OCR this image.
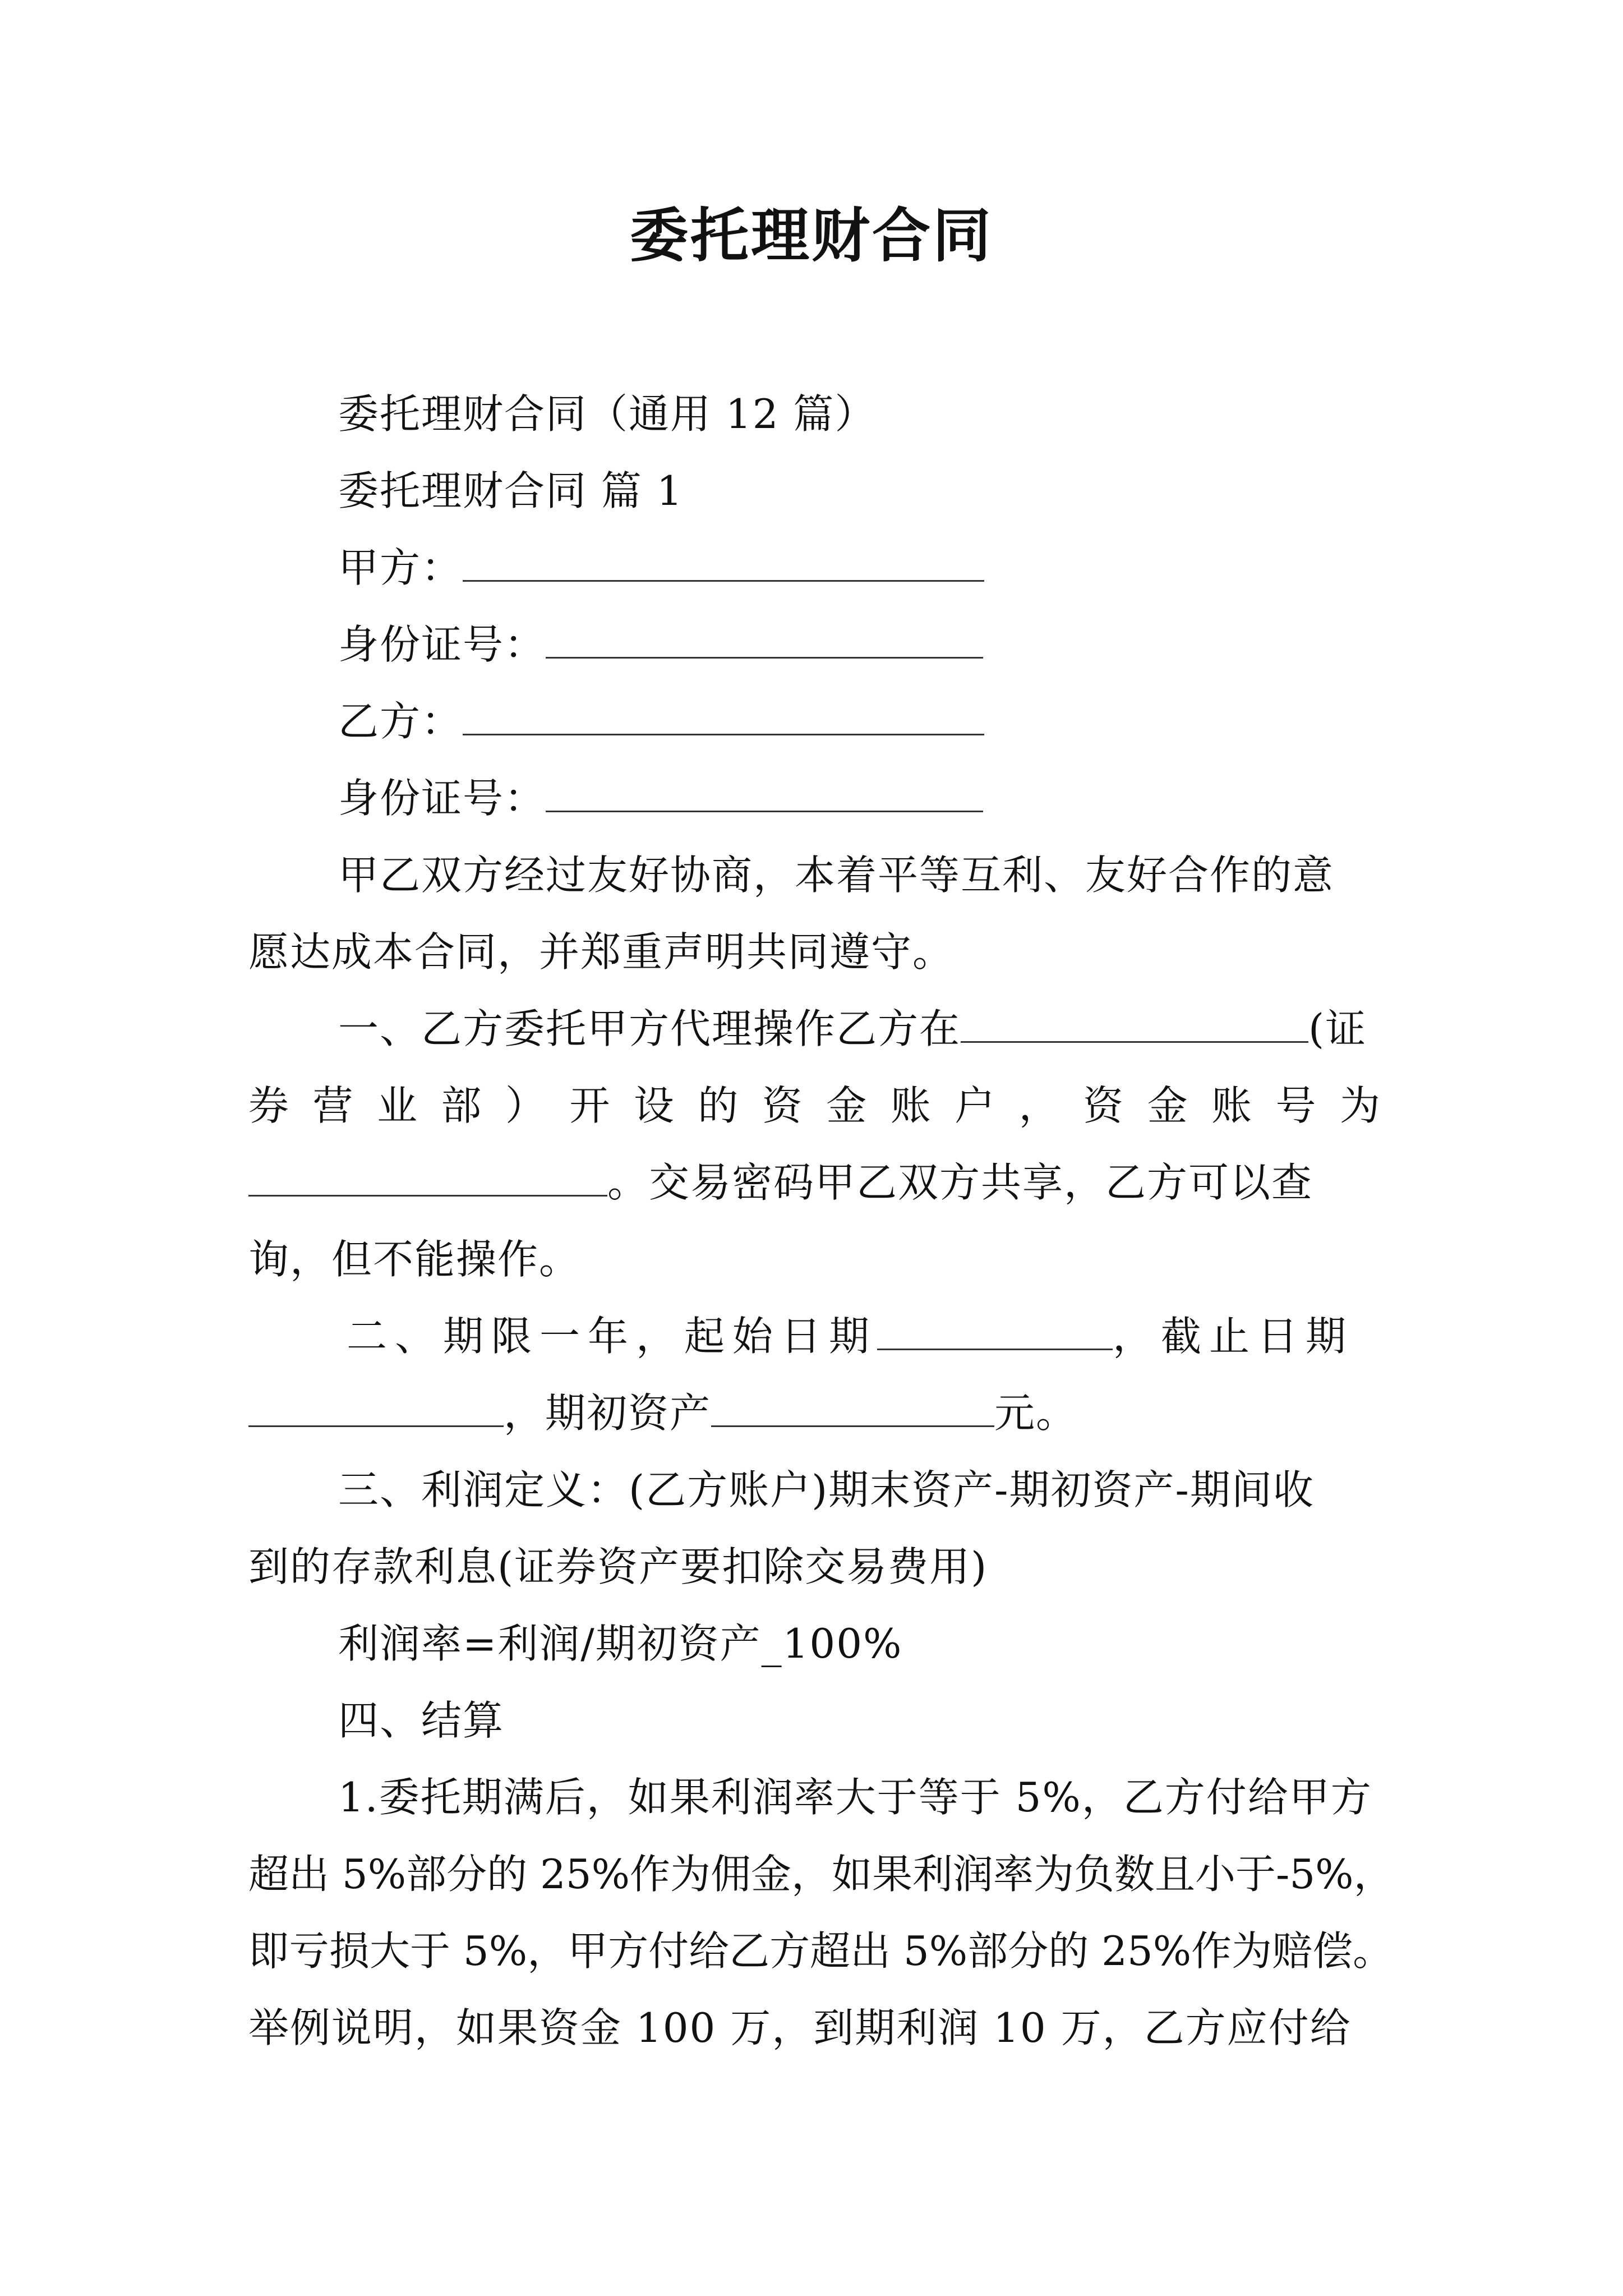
委托理财合同
委托理财合同（通用 12 篇）
委托理财合同 篇 1
甲方：
身份证号：
乙方：
身份证号：
甲乙双方经过友好协商，本着平等互利、友好合作的意
愿达成本合同，并郑重声明共同遵守。
一、乙方委托甲方代理操作乙方在	(证
券 营 业 部 ） 开 设 的 资 金 账 户 ， 资 金 账 号 为
。交易密码甲乙双方共享，乙方可以查
询，但不能操作。
二、期限一年，起始日期	，截止日期
，期初资产	元。
三、利润定义：(乙方账户)期末资产-期初资产-期间收
到的存款利息(证券资产要扣除交易费用)
利润率=利润/期初资产_100%
四、结算
1.委托期满后，如果利润率大于等于 5%，乙方付给甲方
超出 5%部分的 25%作为佣金，如果利润率为负数且小于-5%，
即亏损大于 5%，甲方付给乙方超出 5%部分的 25%作为赔偿。
举例说明，如果资金 100 万，到期利润 10 万，乙方应付给
